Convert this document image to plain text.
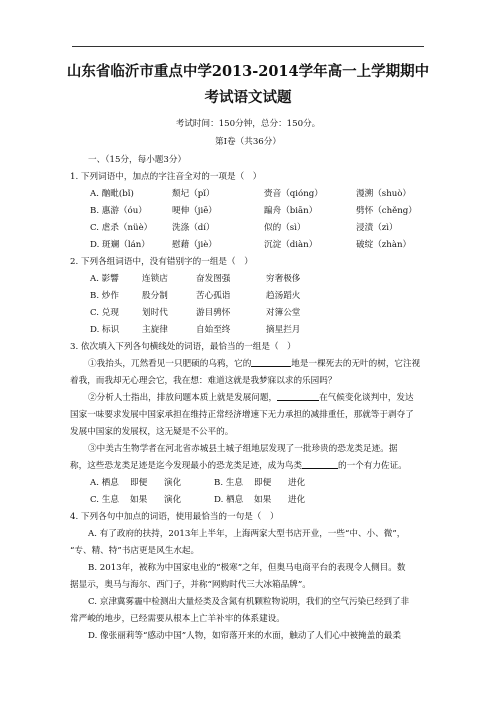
山东省临沂市重点中学2013-2014学年高一上学期期中
考试语文试题
考试时间：150分钟，总分：150分。
第Ⅰ卷（共36分）
一、（15分，每小题3分）
1. 下列词语中，加点的字注音全对的一项是（　）
A. 酗毗(bǐ)	颓圮（pǐ）	赍音（qióng）	漫溯（shuò）
B. 惠游（óu）	哽伸（jiē）	蹁舟（biān）	劈怀（chěng）
C. 虐杀（nüè） 洗涤（dí）	似的（sì）	浸渍（zì）
D. 斑斓（lán）	慰藉（jiè）	沉淀（diàn）	破绽（zhàn）
2. 下列各组词语中，没有错别字的一组是（　）
A. 影響	连锁店	奋发图强	穷奢极侈
B. 炒作	股分制	苦心孤诣	趋汤蹈火
C. 兑现	划时代	游目骋怀	对簿公堂
D. 标识	主旋律	自始至终	摘星拦月
3. 依次填入下列各句横线处的词语，最恰当的一组是（　）
①我抬头，兀然看见一只肥硕的乌鸦，它的	地是一棵死去的无叶的树，它注视
着我，而我却无心理会它，我在想：难道这就是我梦寐以求的乐园吗？
②分析人士指出，排放问题本质上就是发展问题，	在气候变化谈判中，发达
国家一味要求发展中国家承担在维持正常经济增速下无力承担的减排重任，那就等于剥夺了
发展中国家的发展权，这无疑是不公平的。
③中美古生物学者在河北省赤城县土城子组地层发现了一批珍贵的恐龙类足迹。据
称，这些恐龙类足迹是迄今发现最小的恐龙类足迹，成为鸟类	的一个有力佐证。
A. 栖息 即便 演化	B. 生息 即便 进化
C. 生息 如果 演化	D. 栖息 如果 进化
4. 下列各句中加点的词语，使用最恰当的一句是（　）
A. 有了政府的扶持，2013年上半年，上海两家大型书店开业，一些“中、小、微”，
“专、精、特”书店更是风生水起。
B. 2013年，被称为中国家电业的“极寒”之年，但奥马电商平台的表现令人侧目。数
据显示，奥马与海尔、西门子，并称“网购时代三大冰箱品牌”。
C. 京津冀雾霾中检测出大量烃类及含氮有机颗粒物说明，我们的空气污染已经到了非
常严峻的地步，已经需要从根本上亡羊补牢的体系建设。
D. 像张丽莉等“感动中国”人物，如帘落开来的水面，触动了人们心中被掩盖的最柔
